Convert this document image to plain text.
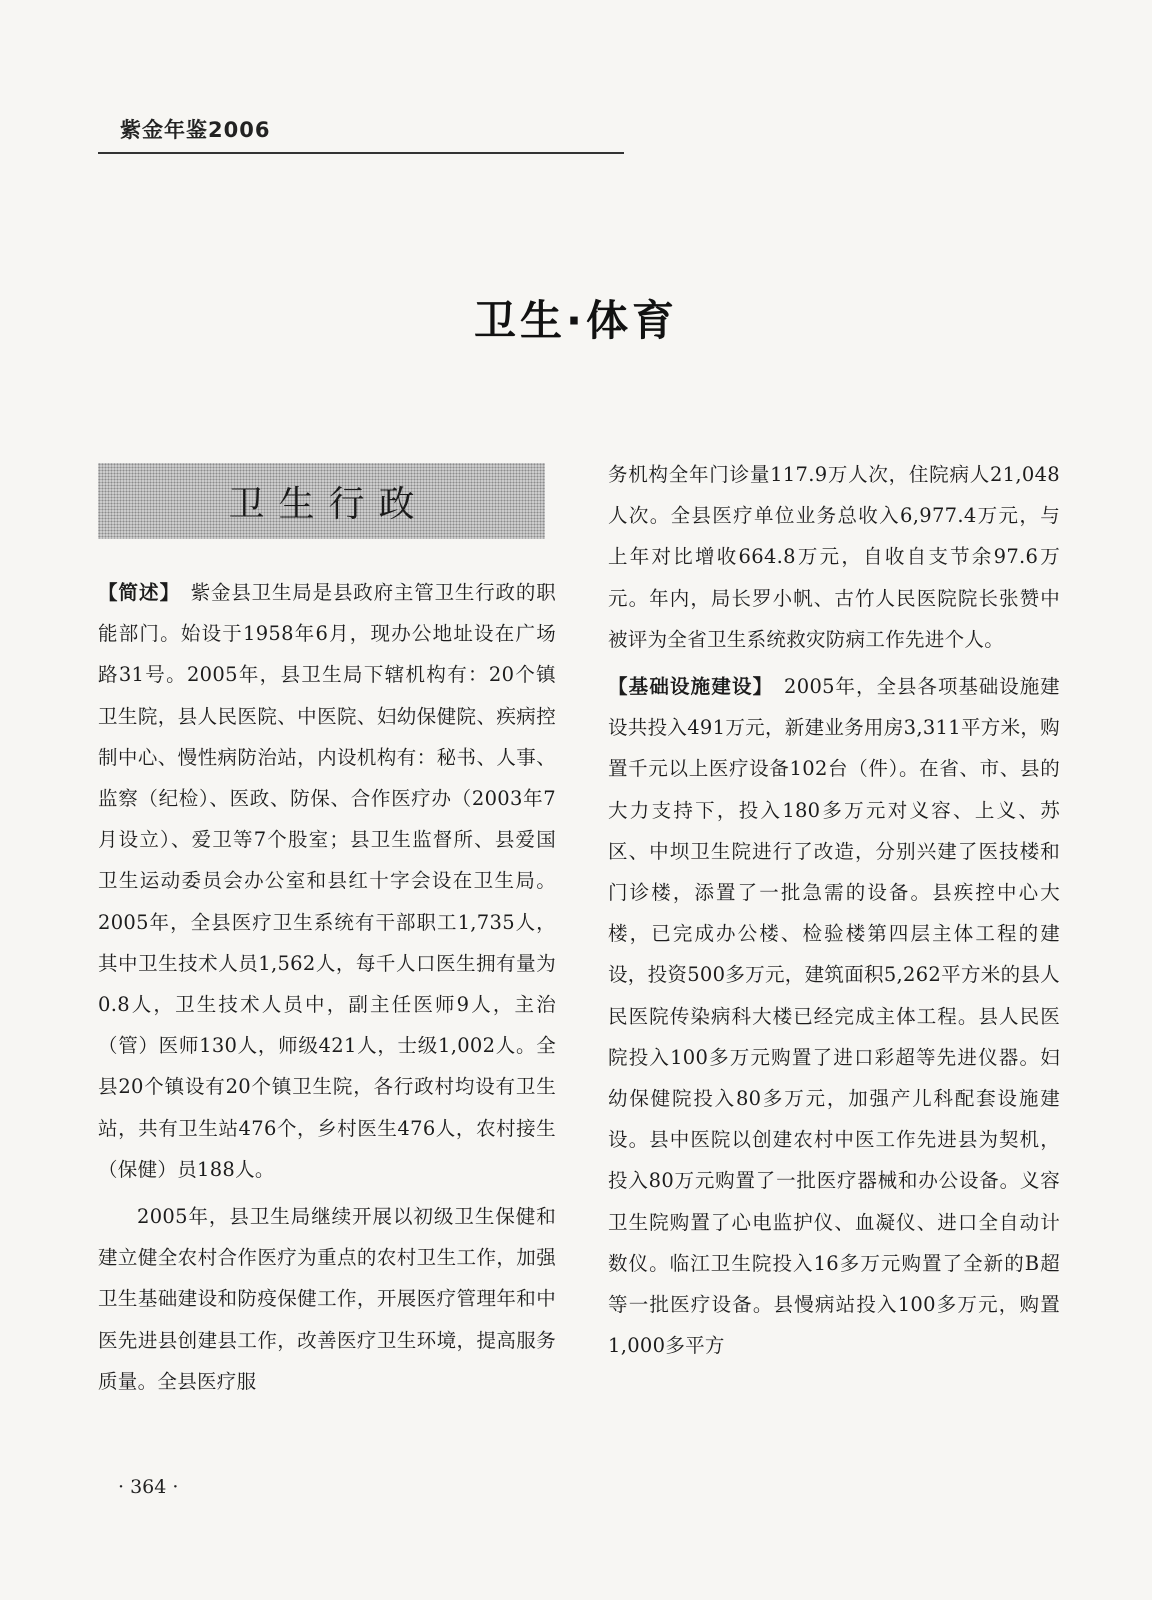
紫金年鉴2006
卫生·体育
卫生行政

【简述】　紫金县卫生局是县政府主管卫生行政的职能部门。始设于1958年6月，现办公地址设在广场路31号。2005年，县卫生局下辖机构有：20个镇卫生院，县人民医院、中医院、妇幼保健院、疾病控制中心、慢性病防治站，内设机构有：秘书、人事、监察（纪检）、医政、防保、合作医疗办（2003年7月设立）、爱卫等7个股室；县卫生监督所、县爱国卫生运动委员会办公室和县红十字会设在卫生局。2005年，全县医疗卫生系统有干部职工1,735人，其中卫生技术人员1,562人，每千人口医生拥有量为0.8人，卫生技术人员中，副主任医师9人，主治（管）医师130人，师级421人，士级1,002人。全县20个镇设有20个镇卫生院，各行政村均设有卫生站，共有卫生站476个，乡村医生476人，农村接生（保健）员188人。

2005年，县卫生局继续开展以初级卫生保健和建立健全农村合作医疗为重点的农村卫生工作，加强卫生基础建设和防疫保健工作，开展医疗管理年和中医先进县创建县工作，改善医疗卫生环境，提高服务质量。全县医疗服

务机构全年门诊量117.9万人次，住院病人21,048人次。全县医疗单位业务总收入6,977.4万元，与上年对比增收664.8万元，自收自支节余97.6万元。年内，局长罗小帆、古竹人民医院院长张赞中被评为全省卫生系统救灾防病工作先进个人。

【基础设施建设】　2005年，全县各项基础设施建设共投入491万元，新建业务用房3,311平方米，购置千元以上医疗设备102台（件）。在省、市、县的大力支持下，投入180多万元对义容、上义、苏区、中坝卫生院进行了改造，分别兴建了医技楼和门诊楼，添置了一批急需的设备。县疾控中心大楼，已完成办公楼、检验楼第四层主体工程的建设，投资500多万元，建筑面积5,262平方米的县人民医院传染病科大楼已经完成主体工程。县人民医院投入100多万元购置了进口彩超等先进仪器。妇幼保健院投入80多万元，加强产儿科配套设施建设。县中医院以创建农村中医工作先进县为契机，投入80万元购置了一批医疗器械和办公设备。义容卫生院购置了心电监护仪、血凝仪、进口全自动计数仪。临江卫生院投入16多万元购置了全新的B超等一批医疗设备。县慢病站投入100多万元，购置1,000多平方

· 364 ·
